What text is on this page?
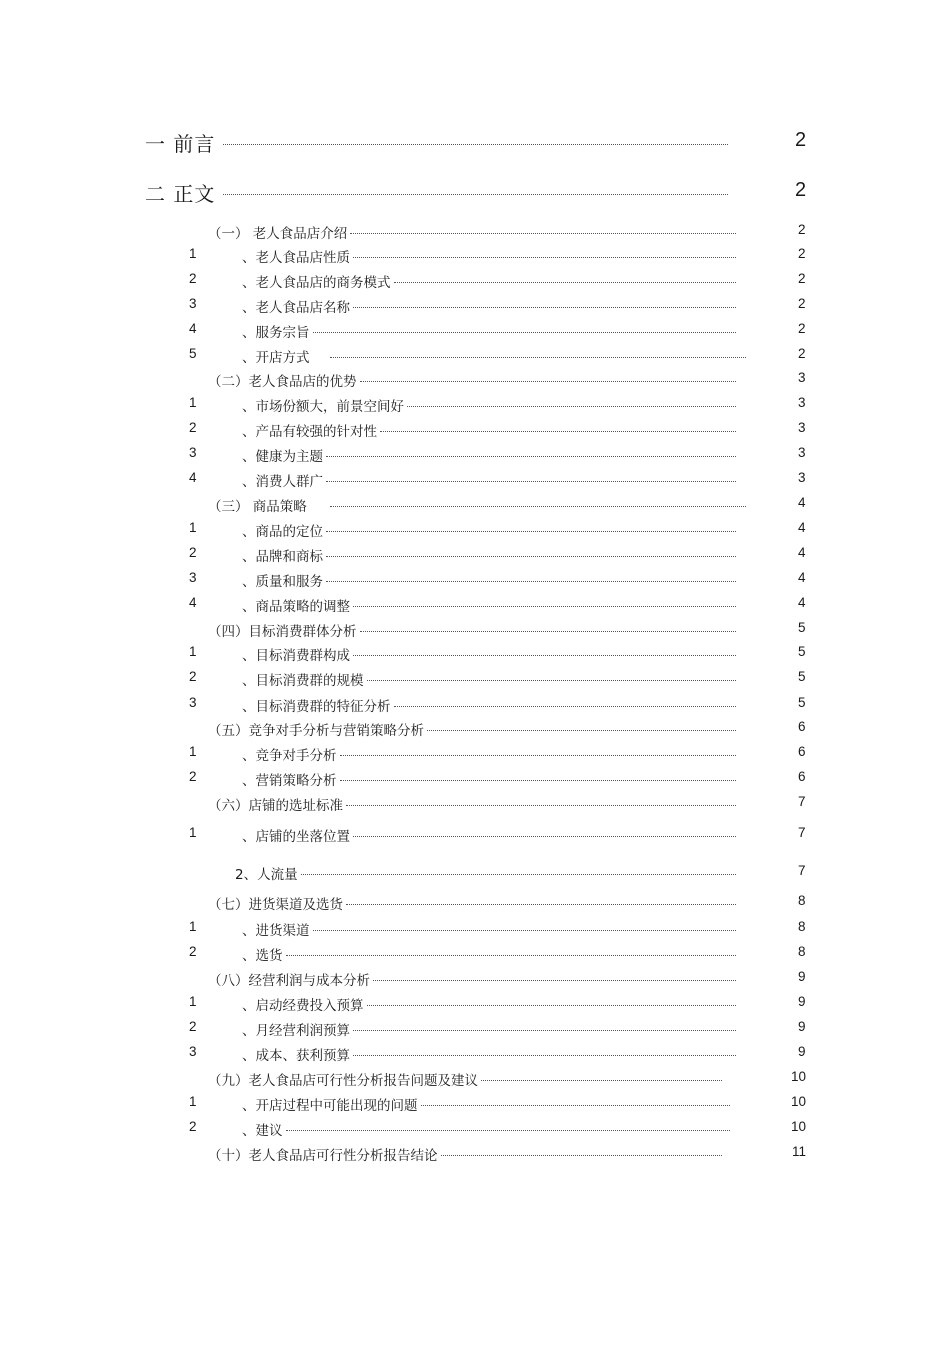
一 前言	2
二 正文	2
（一） 老人食品店介绍	2
1	、老人食品店性质	2
2	、老人食品店的商务模式	2
3	、老人食品店名称	2
4	、服务宗旨	2
5	、开店方式	2
（二）老人食品店的优势	3
1	、市场份额大，前景空间好	3
2	、产品有较强的针对性	3
3	、健康为主题	3
4	、消费人群广	3
（三） 商品策略	4
1	、商品的定位	4
2	、品牌和商标	4
3	、质量和服务	4
4	、商品策略的调整	4
（四）目标消费群体分析	5
1	、目标消费群构成	5
2	、目标消费群的规模	5
3	、目标消费群的特征分析	5
（五）竞争对手分析与营销策略分析	6
1	、竞争对手分析	6
2	、营销策略分析	6
（六）店铺的选址标准	7
1	、店铺的坐落位置	7
2、人流量	7
（七）进货渠道及选货	8
1	、进货渠道	8
2	、选货	8
（八）经营利润与成本分析	9
1	、启动经费投入预算	9
2	、月经营利润预算	9
3	、成本、获利预算	9
（九）老人食品店可行性分析报告问题及建议	10
1	、开店过程中可能出现的问题	10
2	、建议	10
（十）老人食品店可行性分析报告结论	11
